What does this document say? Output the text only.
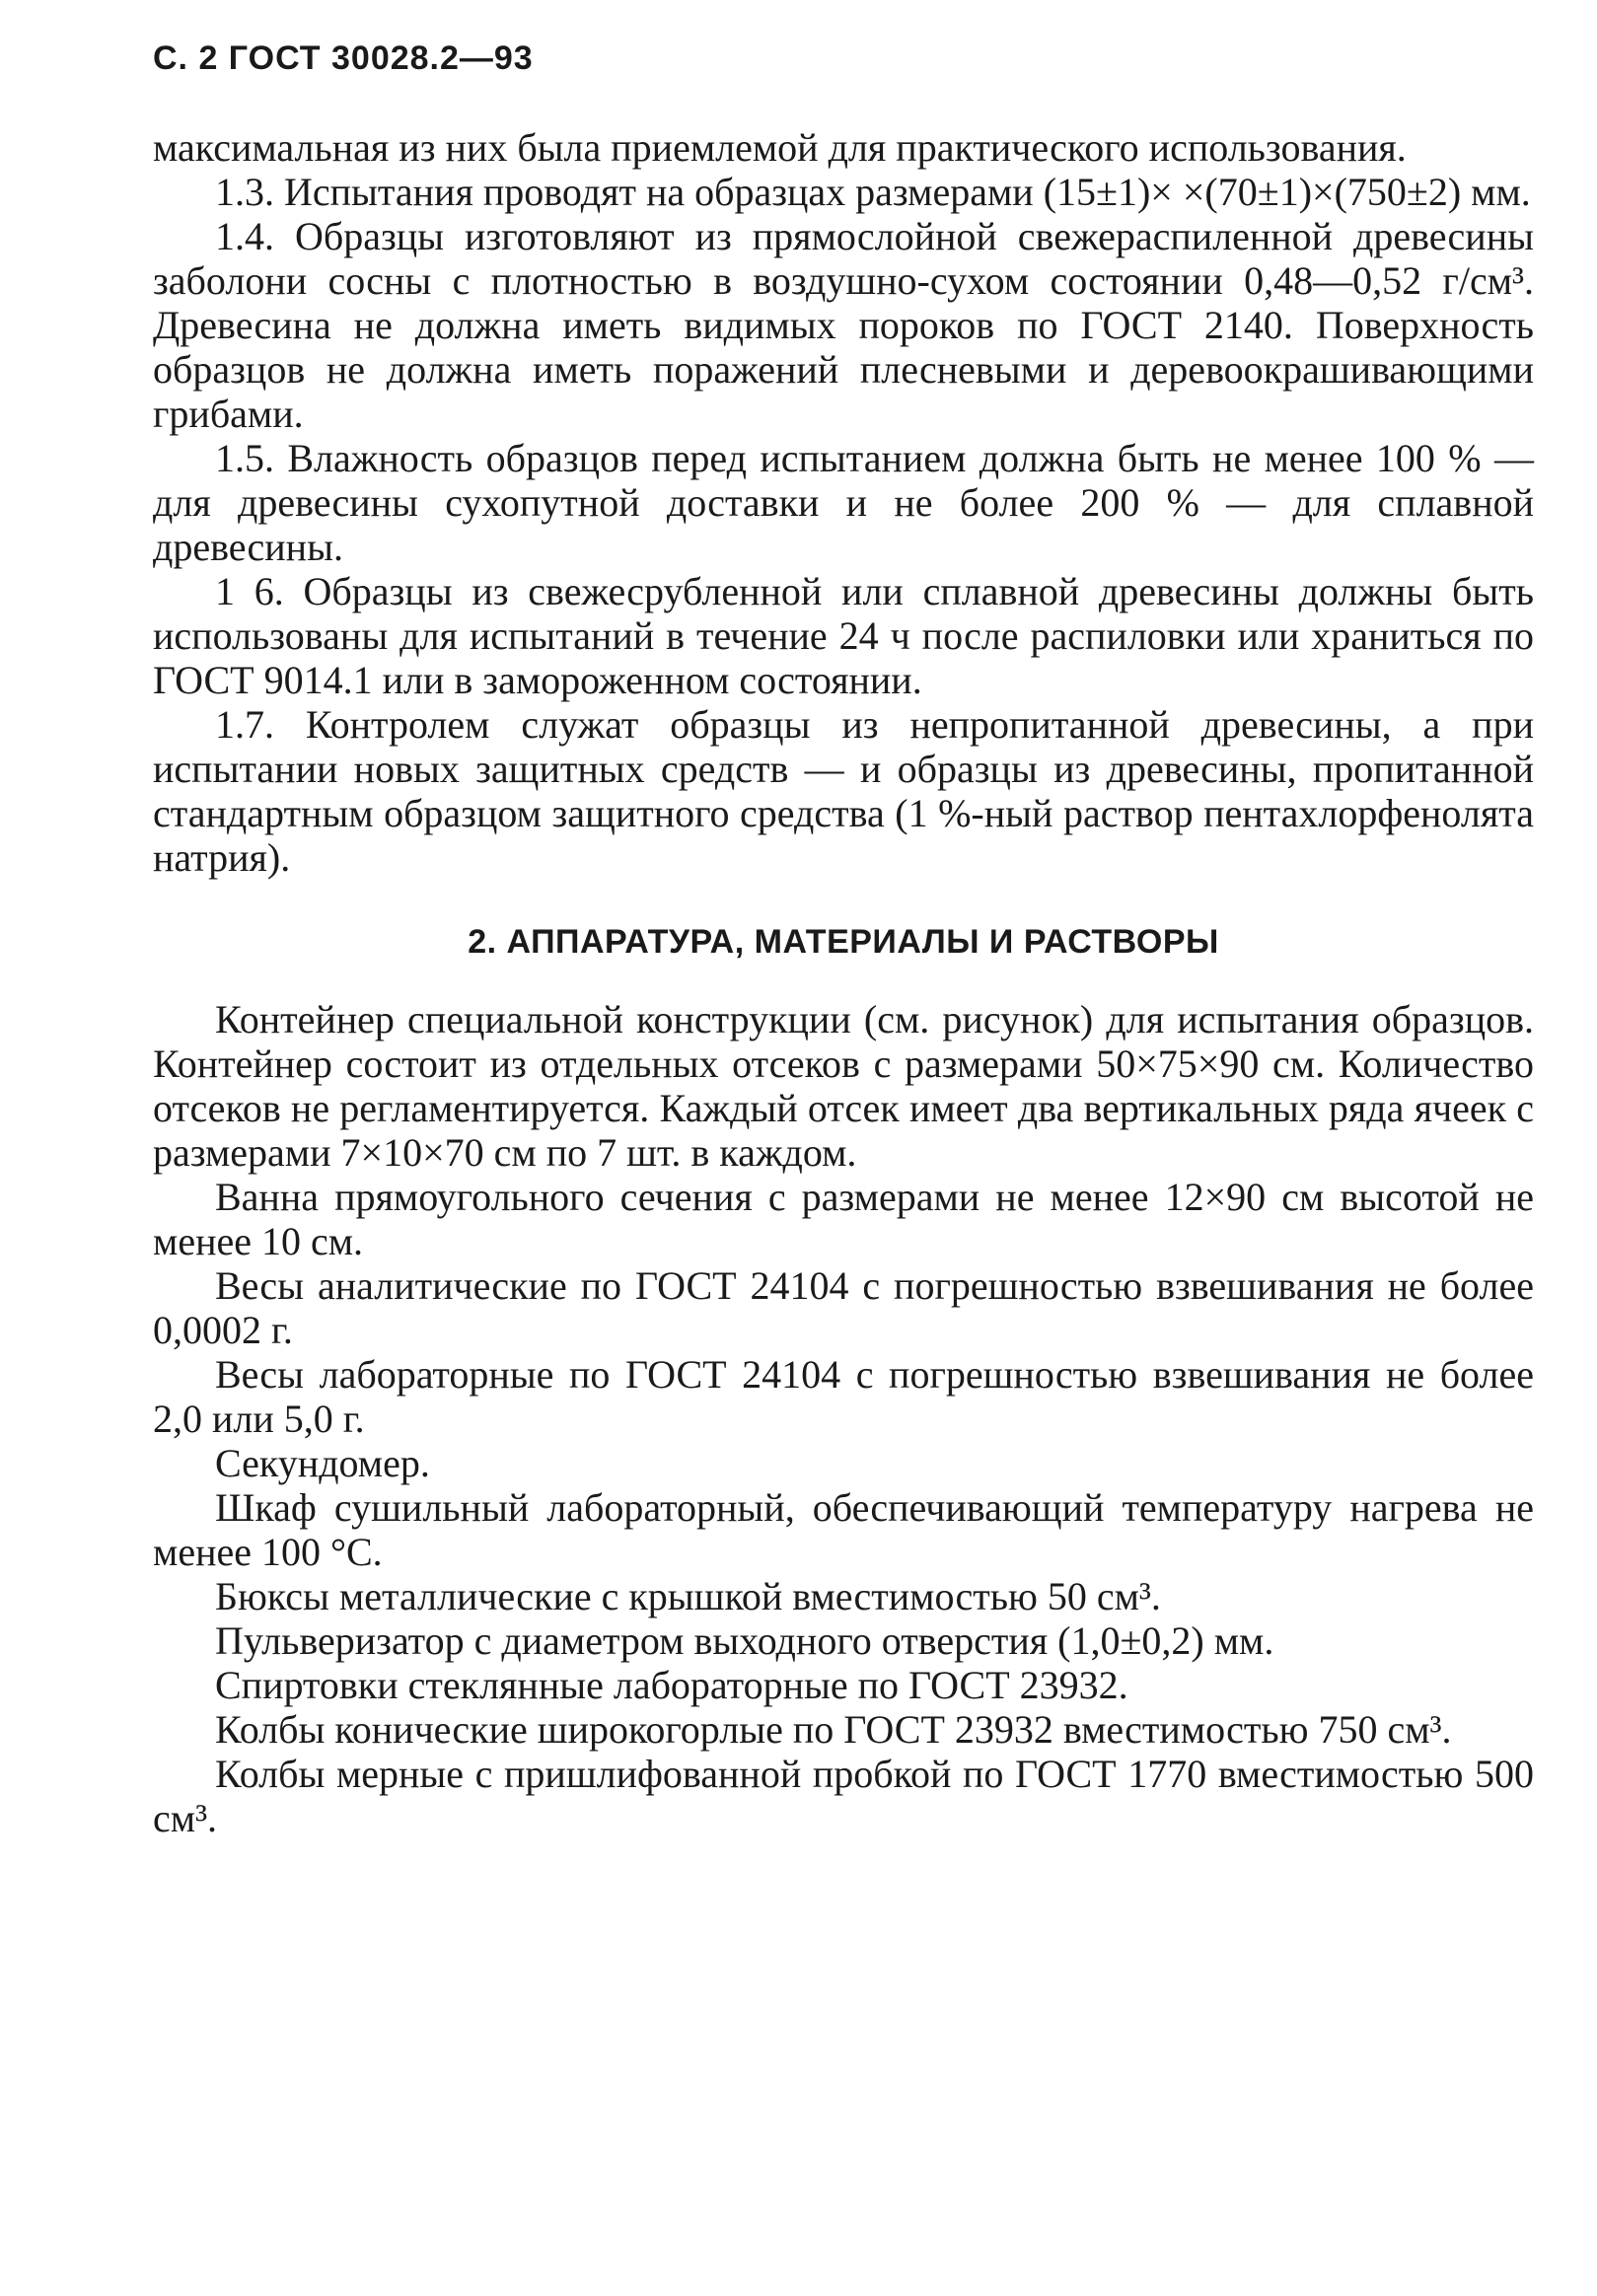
С. 2 ГОСТ 30028.2—93

максимальная из них была приемлемой для практического использования.

1.3. Испытания проводят на образцах размерами (15±1)× ×(70±1)×(750±2) мм.

1.4. Образцы изготовляют из прямослойной свежераспиленной древесины заболони сосны с плотностью в воздушно-сухом состоянии 0,48—0,52 г/см³. Древесина не должна иметь видимых пороков по ГОСТ 2140. Поверхность образцов не должна иметь поражений плесневыми и деревоокрашивающими грибами.

1.5. Влажность образцов перед испытанием должна быть не менее 100 % — для древесины сухопутной доставки и не более 200 % — для сплавной древесины.

1 6. Образцы из свежесрубленной или сплавной древесины должны быть использованы для испытаний в течение 24 ч после распиловки или храниться по ГОСТ 9014.1 или в замороженном состоянии.

1.7. Контролем служат образцы из непропитанной древесины, а при испытании новых защитных средств — и образцы из древесины, пропитанной стандартным образцом защитного средства (1 %-ный раствор пентахлорфенолята натрия).

2. АППАРАТУРА, МАТЕРИАЛЫ И РАСТВОРЫ

Контейнер специальной конструкции (см. рисунок) для испытания образцов. Контейнер состоит из отдельных отсеков с размерами 50×75×90 см. Количество отсеков не регламентируется. Каждый отсек имеет два вертикальных ряда ячеек с размерами 7×10×70 см по 7 шт. в каждом.

Ванна прямоугольного сечения с размерами не менее 12×90 см высотой не менее 10 см.

Весы аналитические по ГОСТ 24104 с погрешностью взвешивания не более 0,0002 г.

Весы лабораторные по ГОСТ 24104 с погрешностью взвешивания не более 2,0 или 5,0 г.

Секундомер.

Шкаф сушильный лабораторный, обеспечивающий температуру нагрева не менее 100 °С.

Бюксы металлические с крышкой вместимостью 50 см³.

Пульверизатор с диаметром выходного отверстия (1,0±0,2) мм.

Спиртовки стеклянные лабораторные по ГОСТ 23932.

Колбы конические широкогорлые по ГОСТ 23932 вместимостью 750 см³.

Колбы мерные с пришлифованной пробкой по ГОСТ 1770 вместимостью 500 см³.
